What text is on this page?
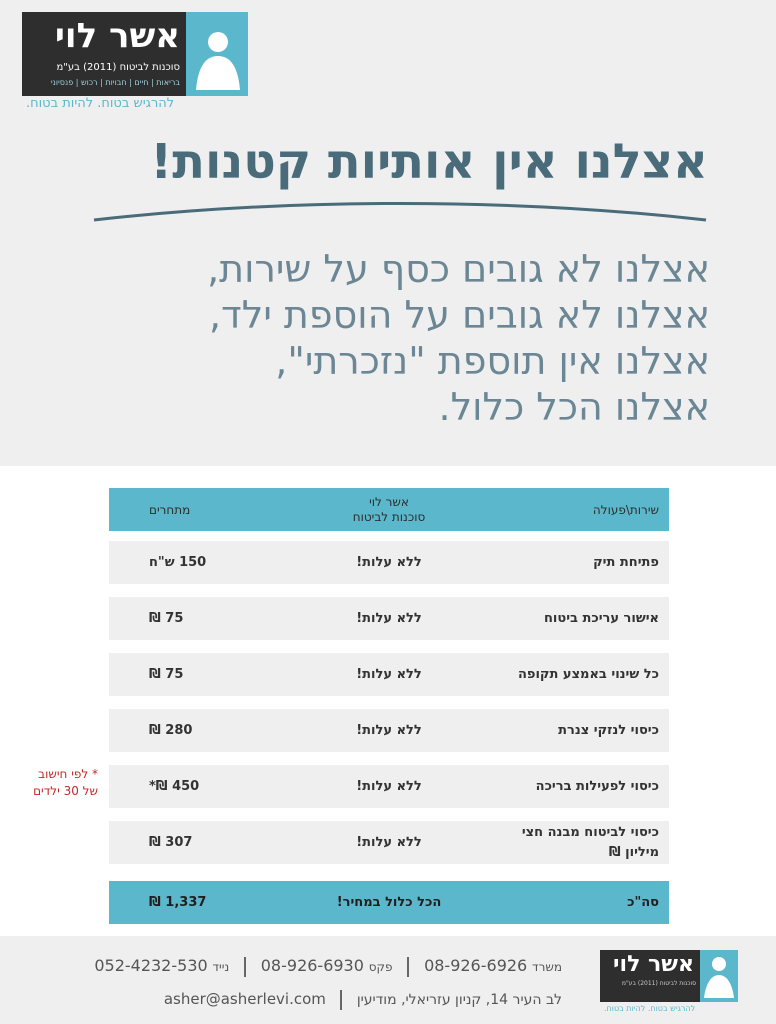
אשר לוי
סוכנות לביטוח (2011) בע"מ
בריאות | חיים | חבויות | רכוש | פנסיוני
להרגיש בטוח. להיות בטוח.
אצלנו אין אותיות קטנות!
אצלנו לא גובים כסף על שירות,
אצלנו לא גובים על הוספת ילד,
אצלנו אין תוספת "נזכרתי",
אצלנו הכל כלול.
שירות\פעולה
אשר לוי
סוכנות לביטוח
מתחרים
פתיחת תיק
ללא עלות!
150 ש"ח
אישור עריכת ביטוח
ללא עלות!
75 ₪
כל שינוי באמצע תקופה
ללא עלות!
75 ₪
כיסוי לנזקי צנרת
ללא עלות!
280 ₪
כיסוי לפעילות בריכה
ללא עלות!
450 ₪*
כיסוי לביטוח מבנה חצי מיליון ₪
ללא עלות!
307 ₪
סה"כ
הכל כלול במחיר!
1,337 ₪
* לפי חישוב של 30 ילדים
אשר לוי
סוכנות לביטוח (2011) בע"מ
להרגיש בטוח. להיות בטוח.
משרד 08-926-6926  פקס 08-926-6930  נייד 052-4232-530
לב העיר 14, קניון עזריאלי, מודיעין  asher@asherlevi.com
